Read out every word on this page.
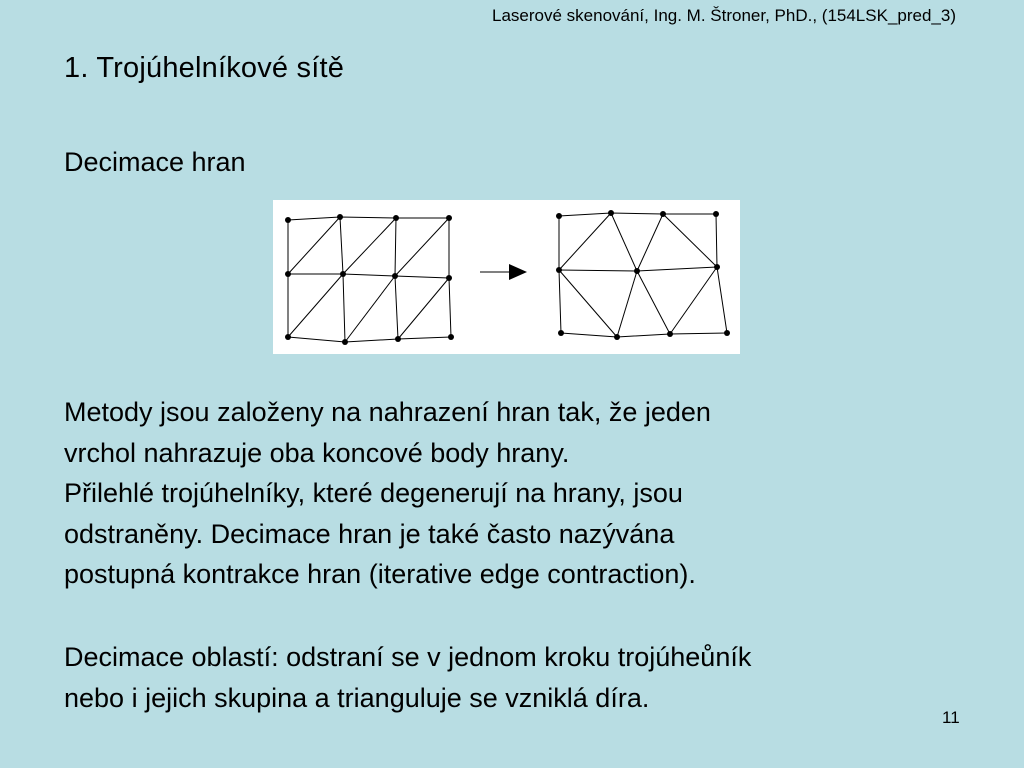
Laserové skenování, Ing. M. Štroner, PhD., (154LSK_pred_3)
1. Trojúhelníkové sítě
Decimace hran
Metody jsou založeny na nahrazení hran tak, že jeden
vrchol nahrazuje oba koncové body hrany.
Přilehlé trojúhelníky, které degenerují na hrany, jsou
odstraněny. Decimace hran je také často nazývána
postupná kontrakce hran (iterative edge contraction).
Decimace oblastí: odstraní se v jednom kroku trojúheůník
nebo i jejich skupina a trianguluje se vzniklá díra.
11
